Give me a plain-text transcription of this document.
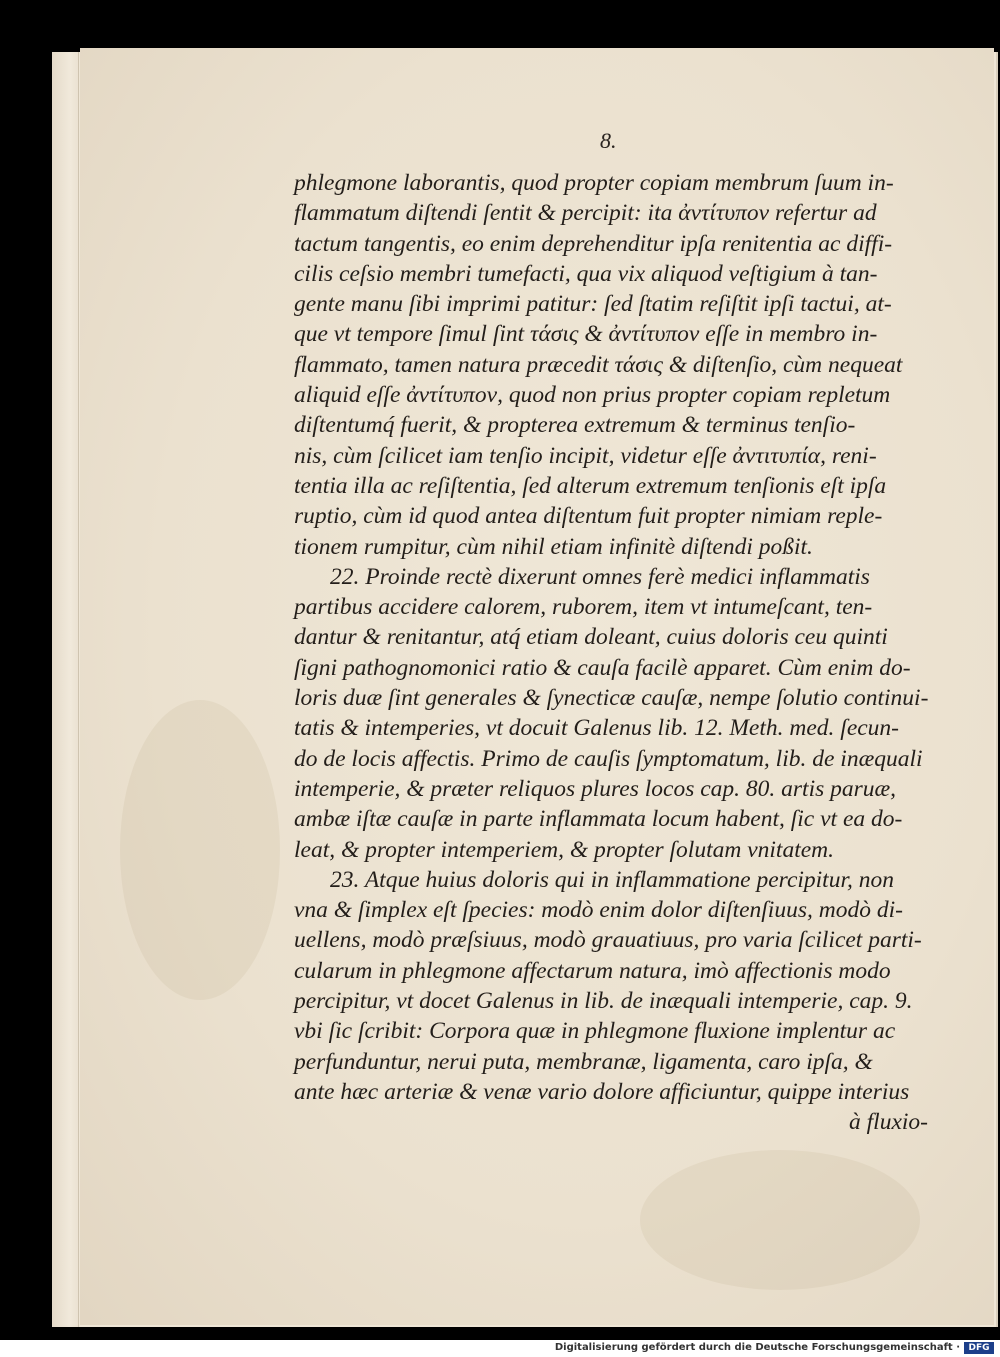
8.

phlegmone laborantis, quod propter copiam membrum ſuum in-
flammatum diſtendi ſentit & percipit: ita ἀντίτυπον refertur ad
tactum tangentis, eo enim deprehenditur ipſa renitentia ac diffi-
cilis ceſsio membri tumefacti, qua vix aliquod veſtigium à tan-
gente manu ſibi imprimi patitur: ſed ſtatim reſiſtit ipſi tactui, at-
que vt tempore ſimul ſint τάσις & ἀντίτυπον eſſe in membro in-
flammato, tamen natura præcedit τάσις & diſtenſio, cùm nequeat
aliquid eſſe ἀντίτυπον, quod non prius propter copiam repletum
diſtentumq́ fuerit, & propterea extremum & terminus tenſio-
nis, cùm ſcilicet iam tenſio incipit, videtur eſſe ἀντιτυπία, reni-
tentia illa ac reſiſtentia, ſed alterum extremum tenſionis eſt ipſa
ruptio, cùm id quod antea diſtentum fuit propter nimiam reple-
tionem rumpitur, cùm nihil etiam infinitè diſtendi poßit.
22. Proinde rectè dixerunt omnes ferè medici inflammatis
partibus accidere calorem, ruborem, item vt intumeſcant, ten-
dantur & renitantur, atq́ etiam doleant, cuius doloris ceu quinti
ſigni pathognomonici ratio & cauſa facilè apparet. Cùm enim do-
loris duæ ſint generales & ſynecticæ cauſæ, nempe ſolutio continui-
tatis & intemperies, vt docuit Galenus lib. 12. Meth. med. ſecun-
do de locis affectis. Primo de cauſis ſymptomatum, lib. de inæquali
intemperie, & præter reliquos plures locos cap. 80. artis paruæ,
ambæ iſtæ cauſæ in parte inflammata locum habent, ſic vt ea do-
leat, & propter intemperiem, & propter ſolutam vnitatem.
23. Atque huius doloris qui in inflammatione percipitur, non
vna & ſimplex eſt ſpecies: modò enim dolor diſtenſiuus, modò di-
uellens, modò præſsiuus, modò grauatiuus, pro varia ſcilicet parti-
cularum in phlegmone affectarum natura, imò affectionis modo
percipitur, vt docet Galenus in lib. de inæquali intemperie, cap. 9.
vbi ſic ſcribit: Corpora quæ in phlegmone fluxione implentur ac
perfunduntur, nerui puta, membranæ, ligamenta, caro ipſa, &
ante hæc arteriæ & venæ vario dolore afficiuntur, quippe interius
à fluxio-
Digitalisierung gefördert durch die Deutsche Forschungsgemeinschaft · DFG
